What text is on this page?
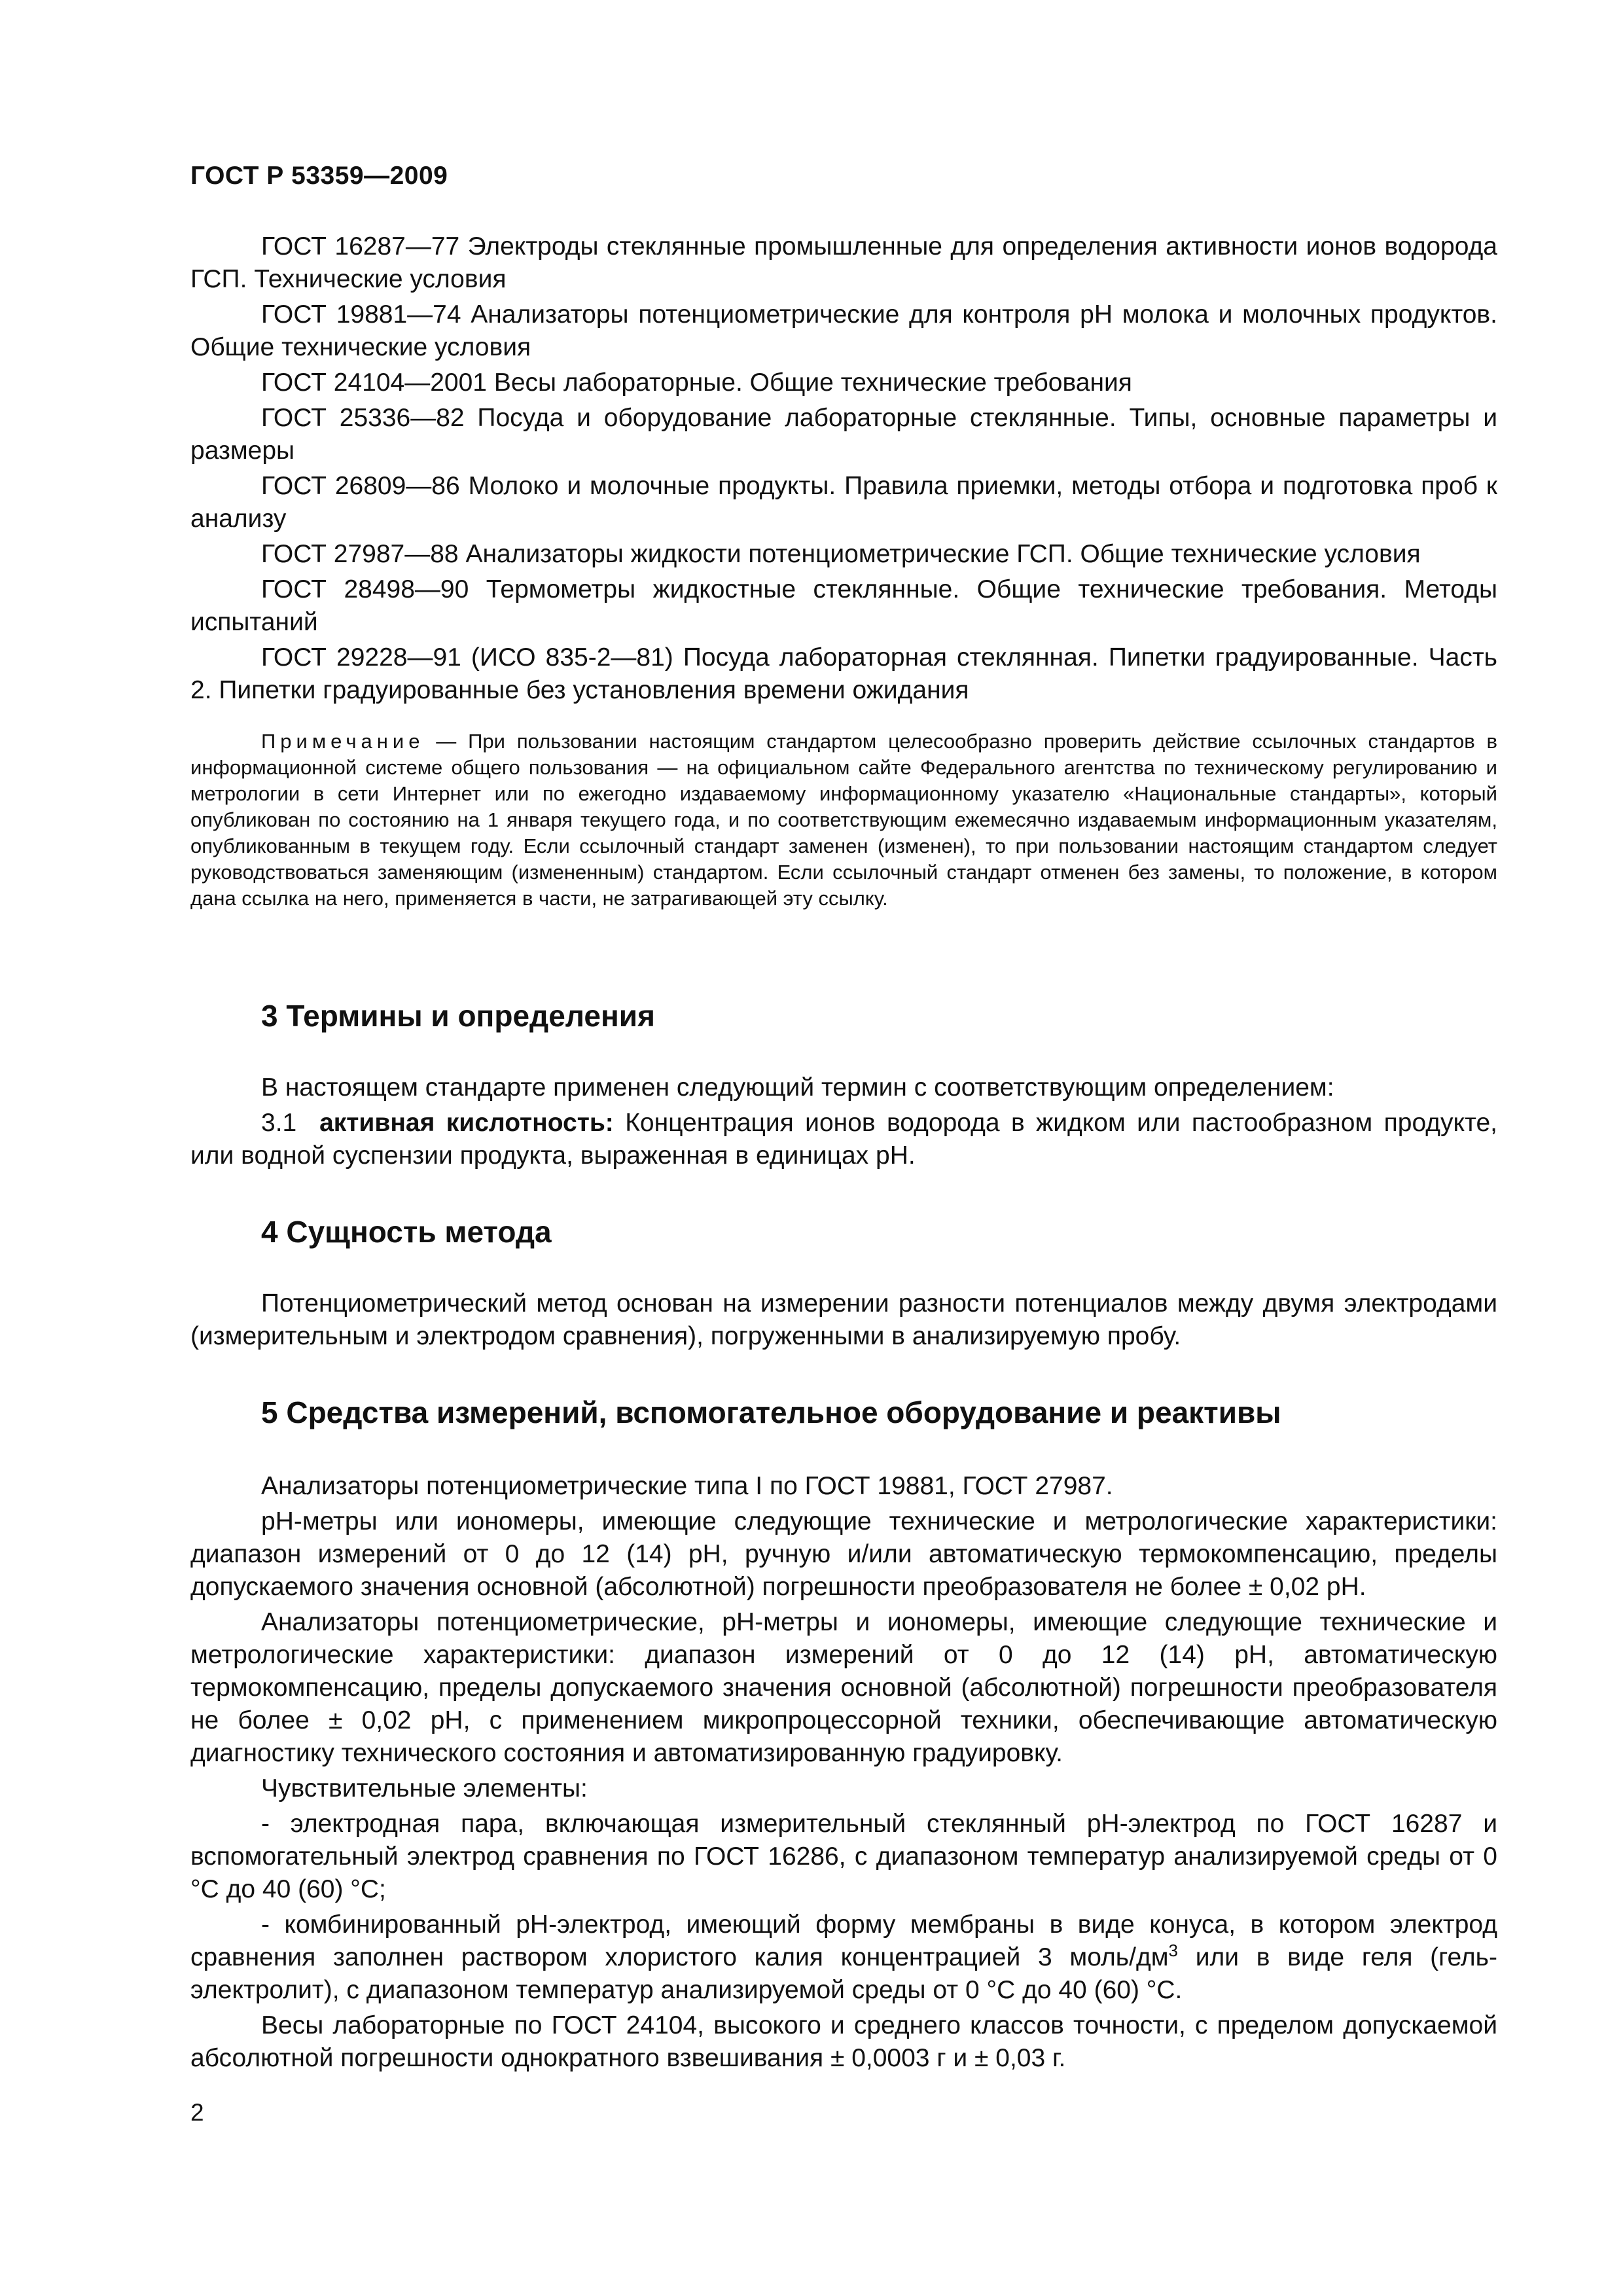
ГОСТ Р 53359—2009

ГОСТ 16287—77 Электроды стеклянные промышленные для определения активности ионов водорода ГСП. Технические условия

ГОСТ 19881—74 Анализаторы потенциометрические для контроля pH молока и молочных продуктов. Общие технические условия

ГОСТ 24104—2001 Весы лабораторные. Общие технические требования

ГОСТ 25336—82 Посуда и оборудование лабораторные стеклянные. Типы, основные параметры и размеры

ГОСТ 26809—86 Молоко и молочные продукты. Правила приемки, методы отбора и подготовка проб к анализу

ГОСТ 27987—88 Анализаторы жидкости потенциометрические ГСП. Общие технические условия

ГОСТ 28498—90 Термометры жидкостные стеклянные. Общие технические требования. Методы испытаний

ГОСТ 29228—91 (ИСО 835-2—81) Посуда лабораторная стеклянная. Пипетки градуированные. Часть 2. Пипетки градуированные без установления времени ожидания

Примечание — При пользовании настоящим стандартом целесообразно проверить действие ссылочных стандартов в информационной системе общего пользования — на официальном сайте Федерального агентства по техническому регулированию и метрологии в сети Интернет или по ежегодно издаваемому информационному указателю «Национальные стандарты», который опубликован по состоянию на 1 января текущего года, и по соответствующим ежемесячно издаваемым информационным указателям, опубликованным в текущем году. Если ссылочный стандарт заменен (изменен), то при пользовании настоящим стандартом следует руководствоваться заменяющим (измененным) стандартом. Если ссылочный стандарт отменен без замены, то положение, в котором дана ссылка на него, применяется в части, не затрагивающей эту ссылку.

3 Термины и определения

В настоящем стандарте применен следующий термин с соответствующим определением:

3.1 активная кислотность: Концентрация ионов водорода в жидком или пастообразном продукте, или водной суспензии продукта, выраженная в единицах pH.

4 Сущность метода

Потенциометрический метод основан на измерении разности потенциалов между двумя электродами (измерительным и электродом сравнения), погруженными в анализируемую пробу.

5 Средства измерений, вспомогательное оборудование и реактивы

Анализаторы потенциометрические типа I по ГОСТ 19881, ГОСТ 27987.

pH-метры или иономеры, имеющие следующие технические и метрологические характеристики: диапазон измерений от 0 до 12 (14) pH, ручную и/или автоматическую термокомпенсацию, пределы допускаемого значения основной (абсолютной) погрешности преобразователя не более ± 0,02 pH.

Анализаторы потенциометрические, pH-метры и иономеры, имеющие следующие технические и метрологические характеристики: диапазон измерений от 0 до 12 (14) pH, автоматическую термокомпенсацию, пределы допускаемого значения основной (абсолютной) погрешности преобразователя не более ± 0,02 pH, с применением микропроцессорной техники, обеспечивающие автоматическую диагностику технического состояния и автоматизированную градуировку.

Чувствительные элементы:

- электродная пара, включающая измерительный стеклянный pH-электрод по ГОСТ 16287 и вспомогательный электрод сравнения по ГОСТ 16286, с диапазоном температур анализируемой среды от 0 °С до 40 (60) °С;

- комбинированный pH-электрод, имеющий форму мембраны в виде конуса, в котором электрод сравнения заполнен раствором хлористого калия концентрацией 3 моль/$дм^3$ или в виде геля (гель-электролит), с диапазоном температур анализируемой среды от 0 °С до 40 (60) °С.

Весы лабораторные по ГОСТ 24104, высокого и среднего классов точности, с пределом допускаемой абсолютной погрешности однократного взвешивания ± 0,0003 г и ± 0,03 г.

2
